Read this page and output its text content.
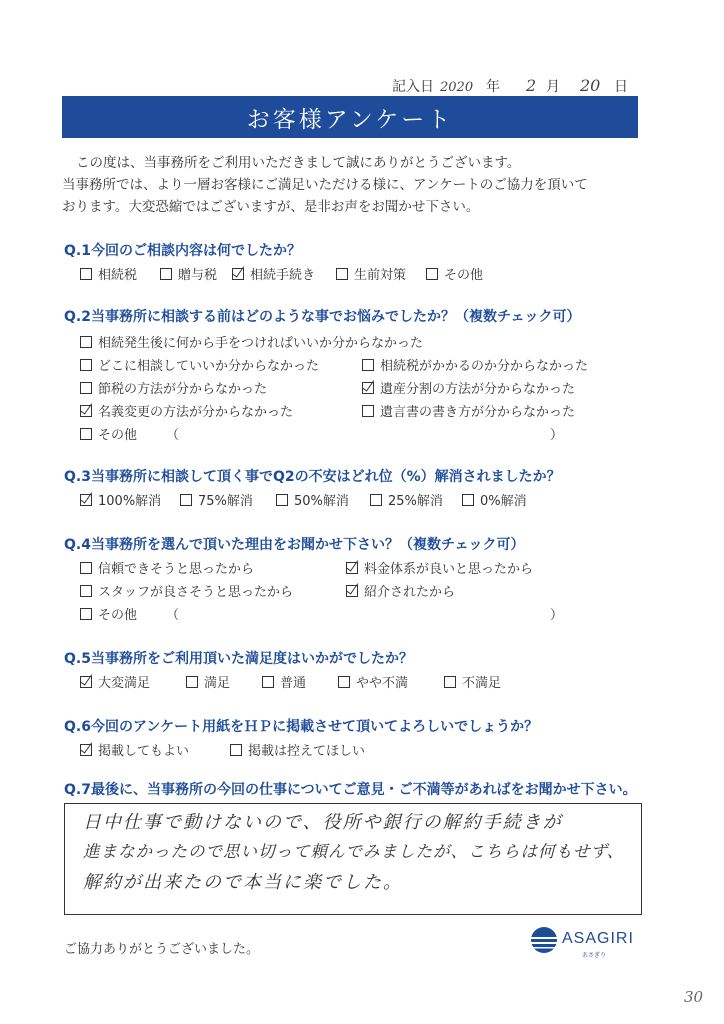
記入日 2020 年 2 月 20 日
お客様アンケート

この度は、当事務所をご利用いただきまして誠にありがとうございます。

当事務所では、より一層お客様にご満足いただける様に、アンケートのご協力を頂いて

おります。大変恐縮ではございますが、是非お声をお聞かせ下さい。

Q.1今回のご相談内容は何でしたか？
相続税	贈与税	相続手続き	生前対策	その他
Q.2当事務所に相談する前はどのような事でお悩みでしたか？（複数チェック可）
相続発生後に何から手をつければいいか分からなかった
どこに相談していいか分からなかった	相続税がかかるのか分からなかった
節税の方法が分からなかった	遺産分割の方法が分からなかった
名義変更の方法が分からなかった	遺言書の書き方が分からなかった
その他 （	）
Q.3当事務所に相談して頂く事でQ2の不安はどれ位（%）解消されましたか？
100%解消	75%解消	50%解消	25%解消	0%解消
Q.4当事務所を選んで頂いた理由をお聞かせ下さい？（複数チェック可）
信頼できそうと思ったから	料金体系が良いと思ったから
スタッフが良さそうと思ったから	紹介されたから
その他 （	）
Q.5当事務所をご利用頂いた満足度はいかがでしたか？
大変満足	満足	普通	やや不満	不満足
Q.6今回のアンケート用紙をＨＰに掲載させて頂いてよろしいでしょうか？
掲載してもよい	掲載は控えてほしい
Q.7最後に、当事務所の今回の仕事についてご意見・ご不満等があればをお聞かせ下さい。

日中仕事で動けないので、役所や銀行の解約手続きが

進まなかったので思い切って頼んでみましたが、こちらは何もせず、

解約が出来たので本当に楽でした。

ご協力ありがとうございました。
ASAGIRI
あさぎり
30
